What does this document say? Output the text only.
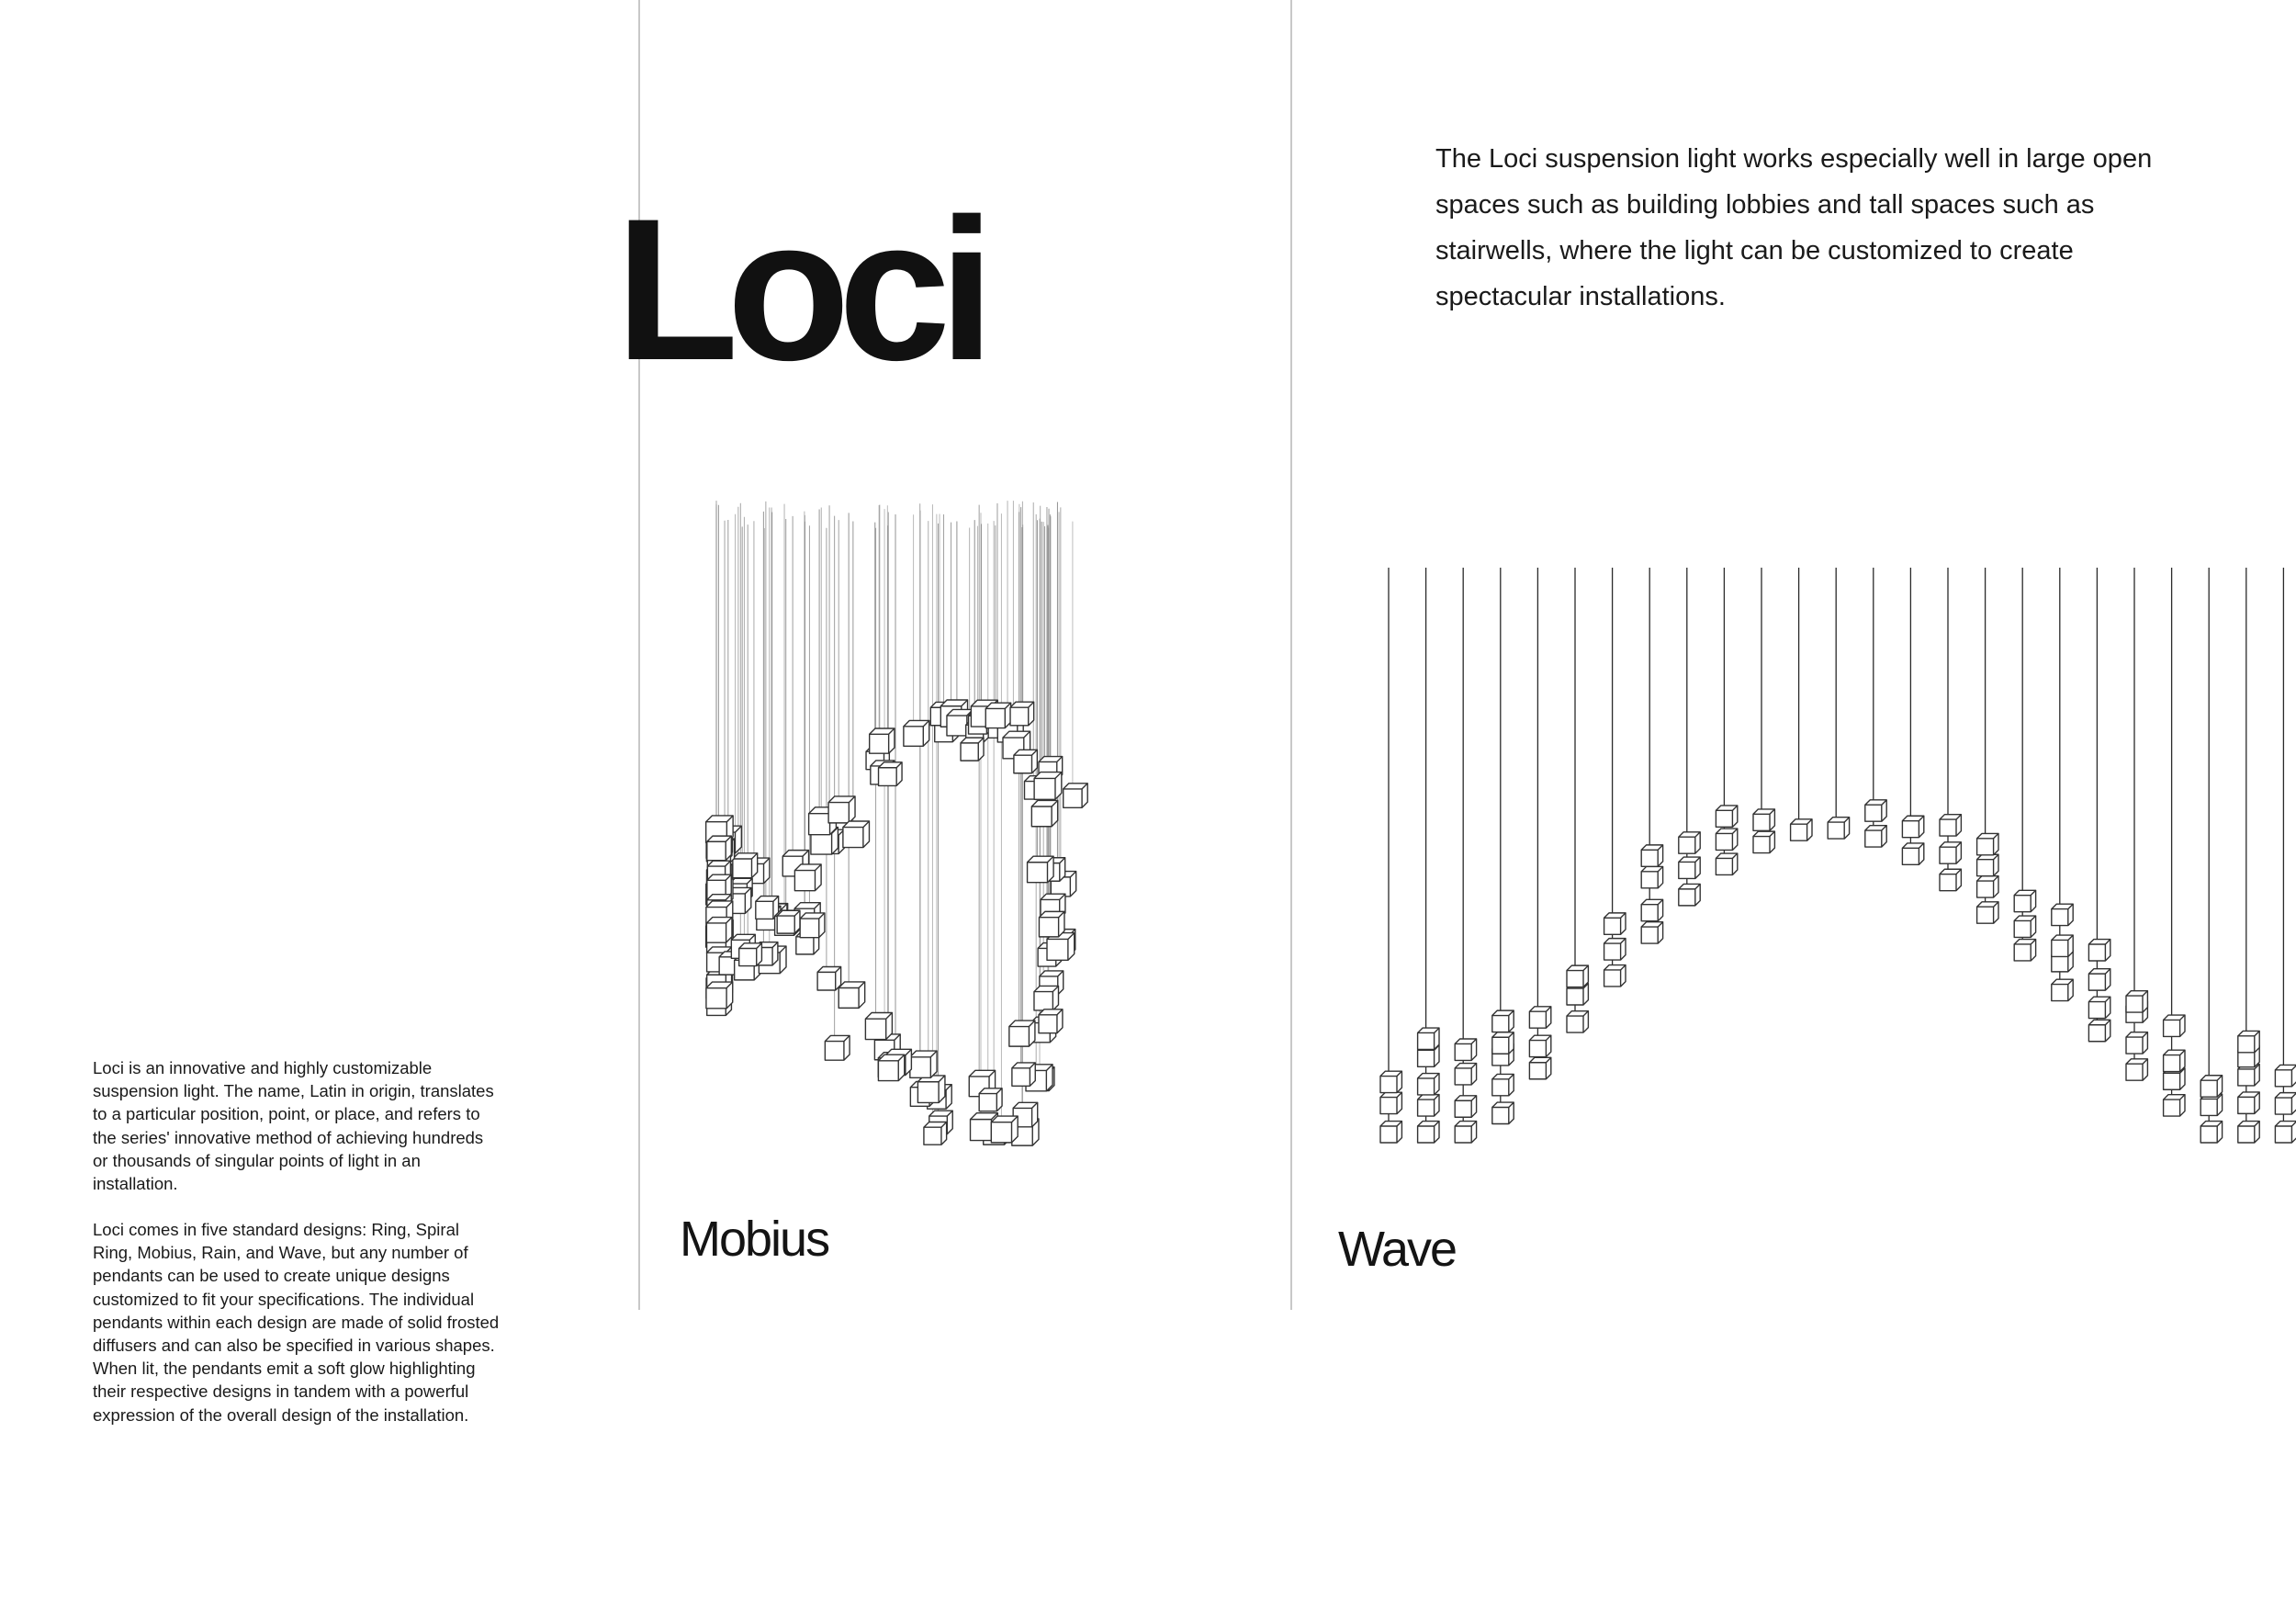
Loci

The Loci suspension light works especially well in large open spaces such as building lobbies and tall spaces such as stairwells, where the light can be customized to create spectacular installations.

Loci is an innovative and highly customizable suspension light. The name, Latin in origin, translates to a particular position, point, or place, and refers to the series' innovative method of achieving hundreds or thousands of singular points of light in an installation.

Loci comes in five standard designs: Ring, Spiral Ring, Mobius, Rain, and Wave, but any number of pendants can be used to create unique designs customized to fit your specifications. The individual pendants within each design are made of solid frosted diffusers and can also be specified in various shapes. When lit, the pendants emit a soft glow highlighting their respective designs in tandem with a powerful expression of the overall design of the installation.

Mobius	Wave
